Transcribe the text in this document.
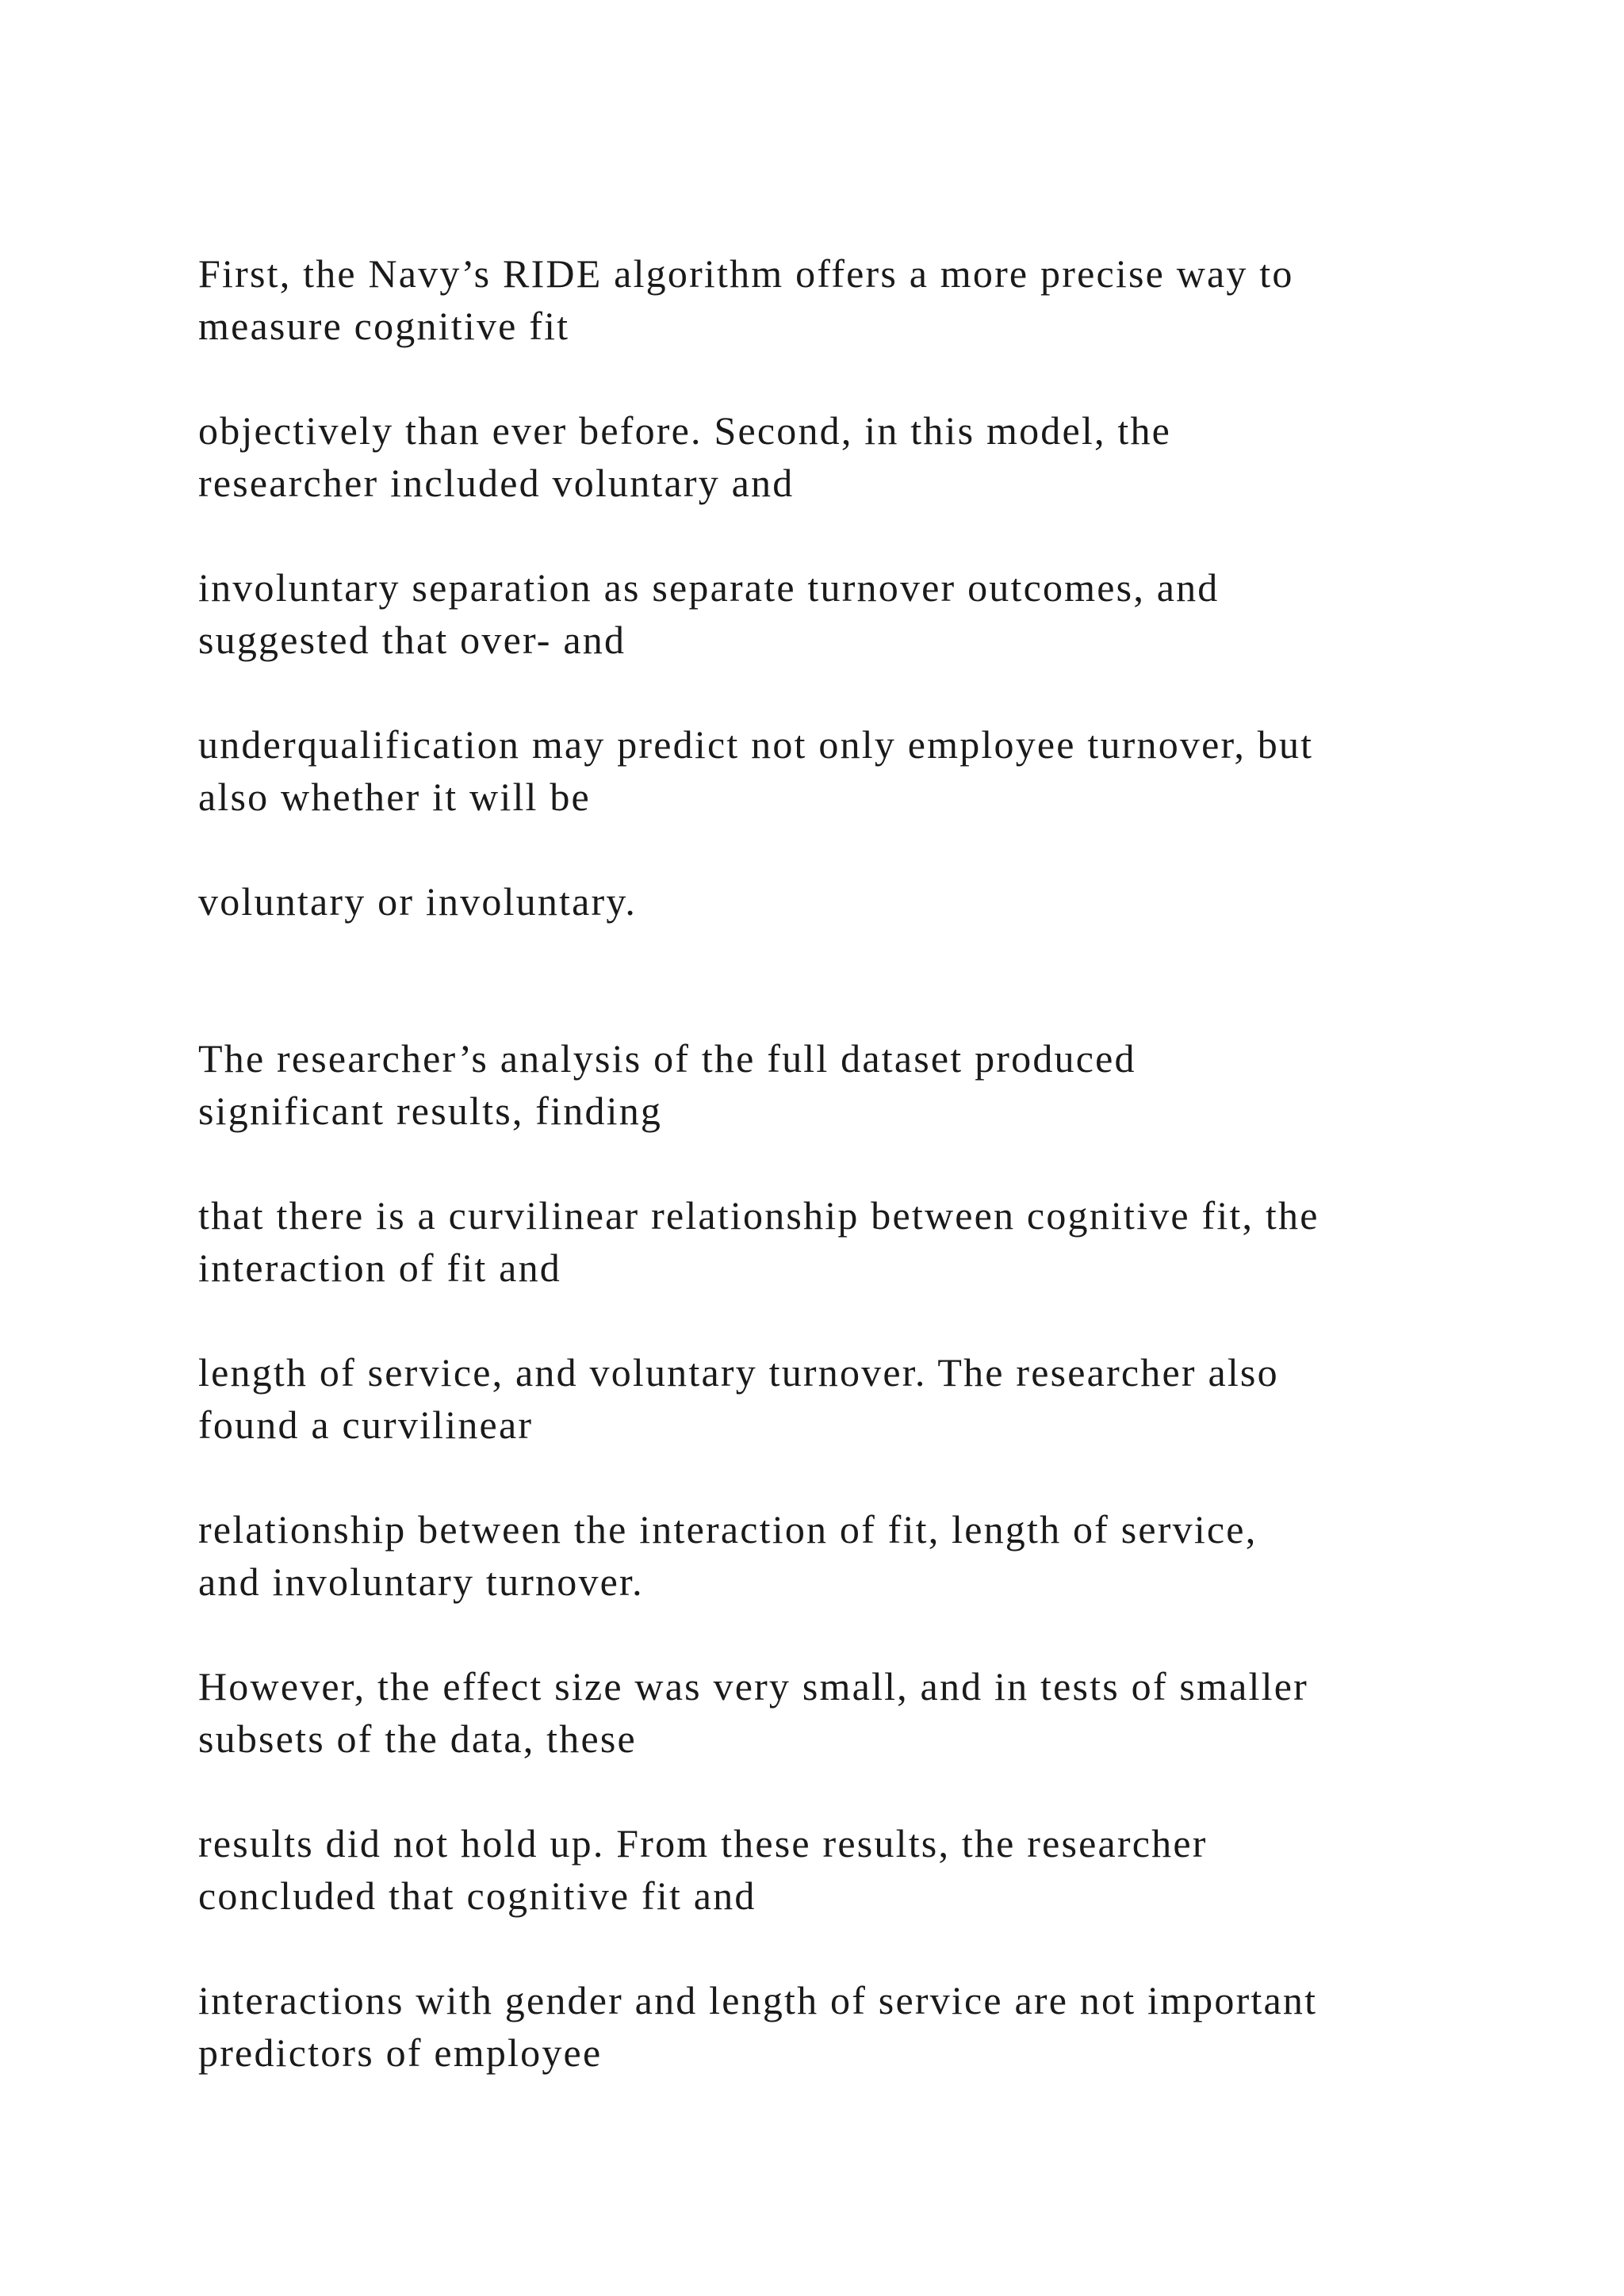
First, the Navy’s RIDE algorithm offers a more precise way to
measure cognitive fit

objectively than ever before. Second, in this model, the
researcher included voluntary and

involuntary separation as separate turnover outcomes, and
suggested that over- and

underqualification may predict not only employee turnover, but
also whether it will be

voluntary or involuntary.

The researcher’s analysis of the full dataset produced
significant results, finding

that there is a curvilinear relationship between cognitive fit, the
interaction of fit and

length of service, and voluntary turnover. The researcher also
found a curvilinear

relationship between the interaction of fit, length of service,
and involuntary turnover.

However, the effect size was very small, and in tests of smaller
subsets of the data, these

results did not hold up. From these results, the researcher
concluded that cognitive fit and

interactions with gender and length of service are not important
predictors of employee
